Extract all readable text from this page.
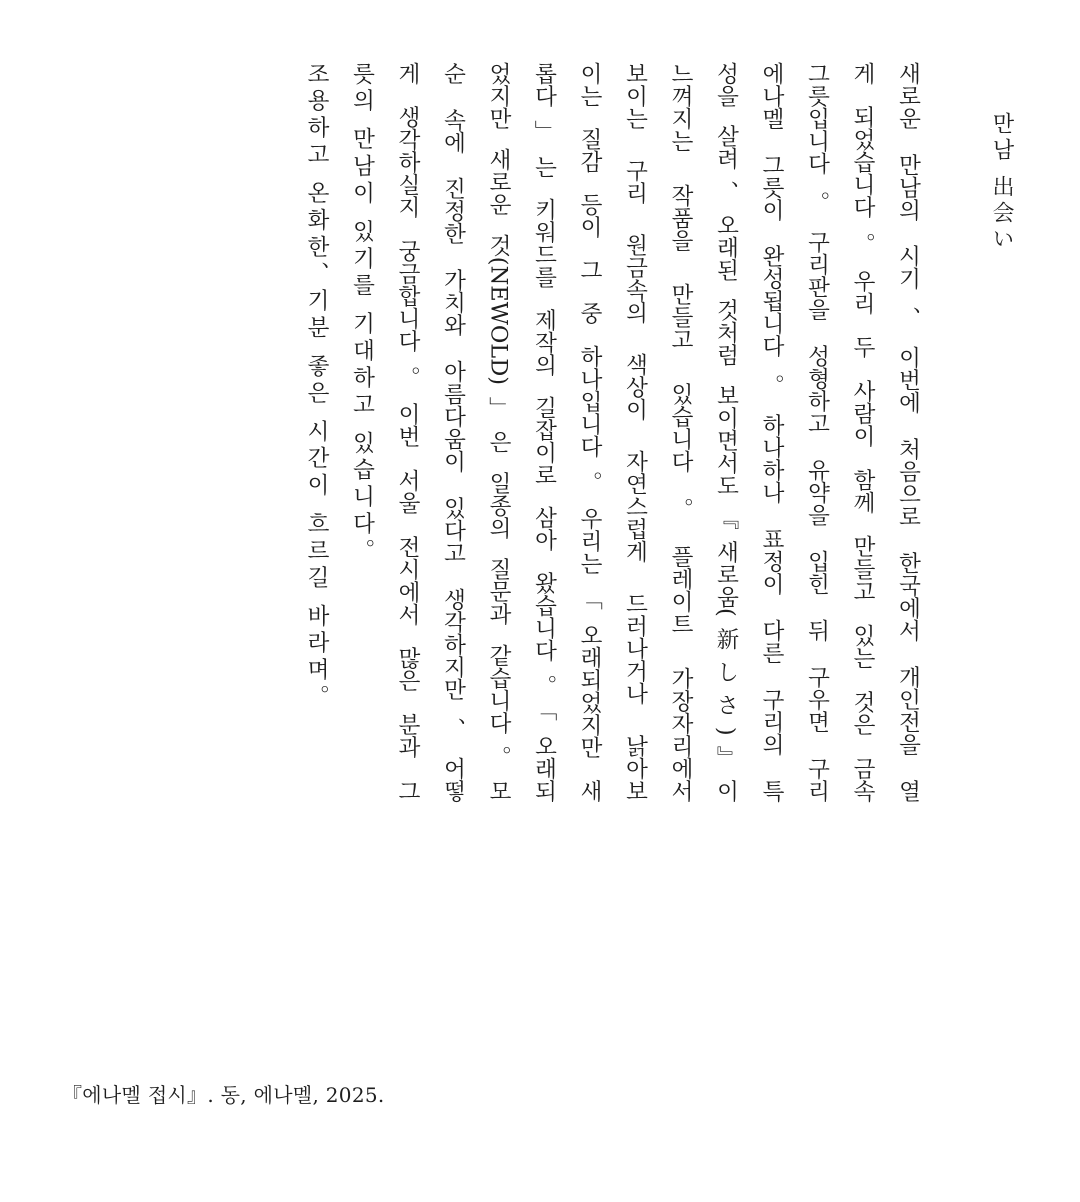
만남 出会い
새로운 만남의 시기、이번에 처음으로 한국에서 개인전을 열
게 되었습니다。우리 두 사람이 함께 만들고 있는 것은 금속
그릇입니다。구리판을 성형하고 유약을 입힌 뒤 구우면 구리
에나멜 그릇이 완성됩니다。하나하나 표정이 다른 구리의 특
성을 살려、오래된 것처럼 보이면서도『새로움(新しさ)』이
느껴지는 작품을 만들고 있습니다。플레이트 가장자리에서
보이는 구리 원금속의 색상이 자연스럽게 드러나거나 낡아보
이는 질감 등이 그 중 하나입니다。우리는「오래되었지만 새
롭다」는 키워드를 제작의 길잡이로 삼아 왔습니다。「오래되
었지만 새로운 것(NEWOLD)」은 일종의 질문과 같습니다。모
순 속에 진정한 가치와 아름다움이 있다고 생각하지만、어떻
게 생각하실지 궁금합니다。이번 서울 전시에서 많은 분과 그
릇의 만남이 있기를 기대하고 있습니다。
조용하고 온화한、기분 좋은 시간이 흐르길 바라며。
『에나멜 접시』. 동, 에나멜, 2025.
